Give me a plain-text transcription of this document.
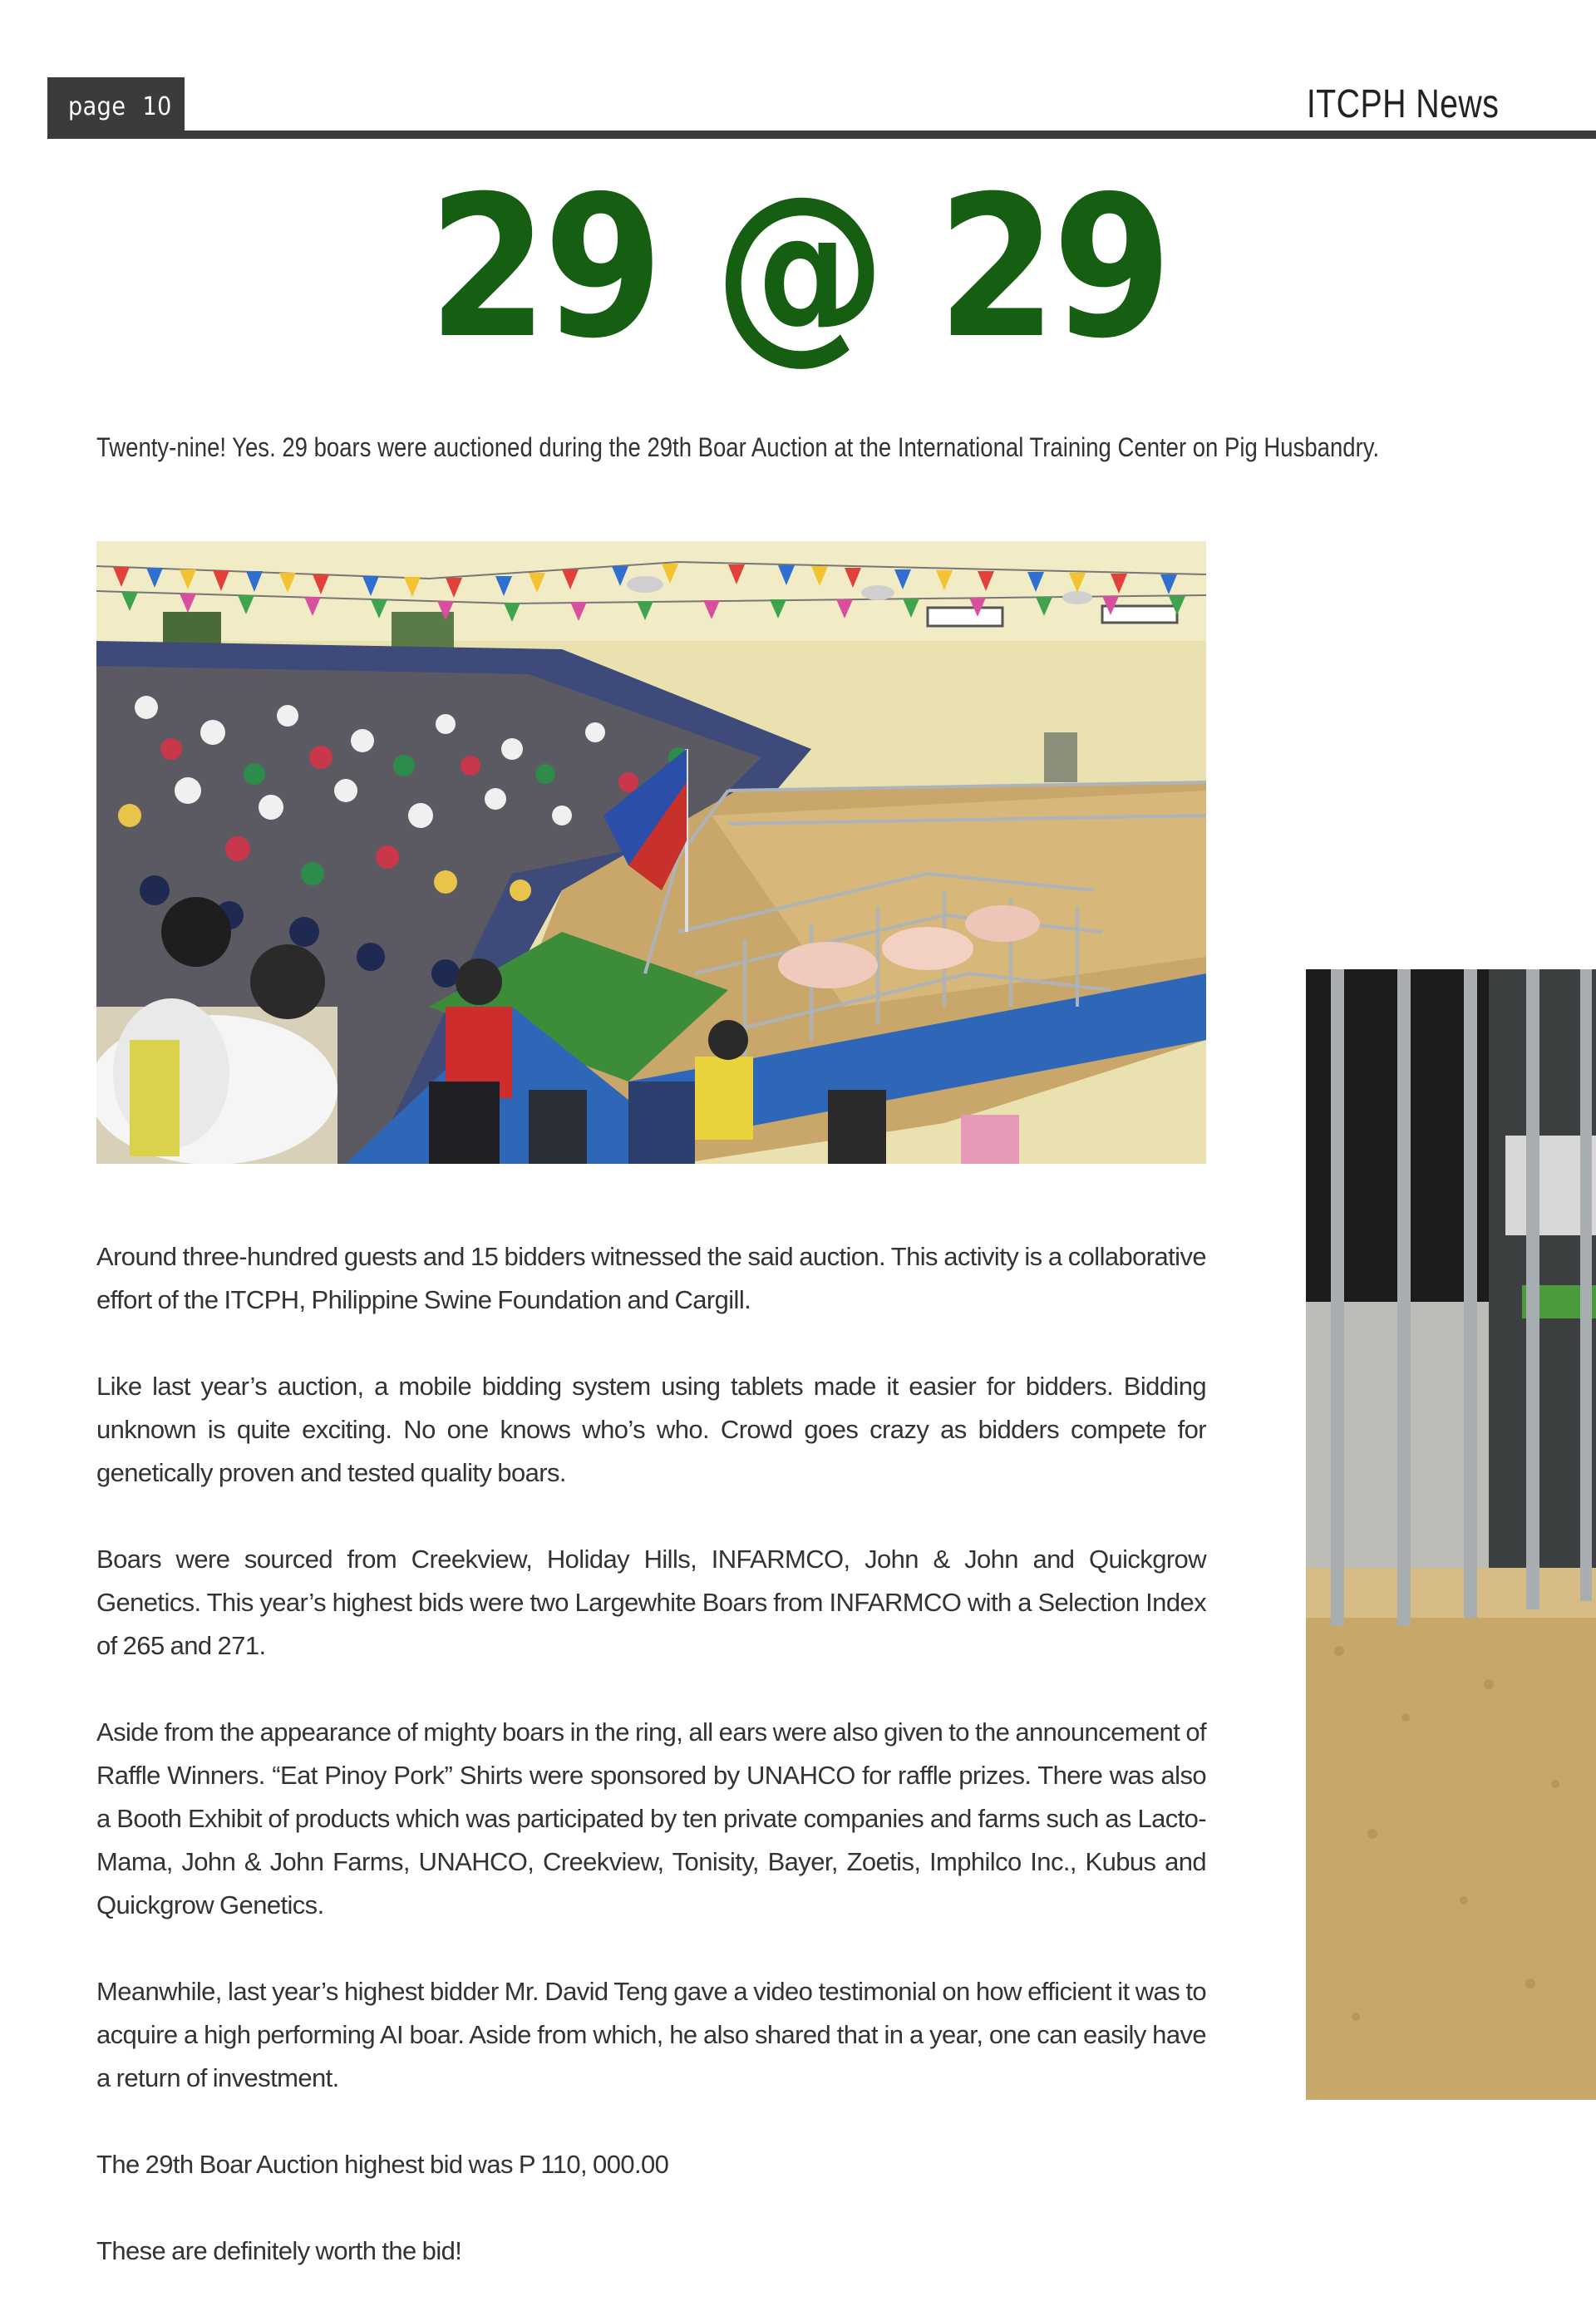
page 10	ITCPH News
29 @ 29
Twenty-nine! Yes. 29 boars were auctioned during the 29th Boar Auction at the International Training Center on Pig Husbandry.

Around three-hundred guests and 15 bidders witnessed the said auction. This activity is a collaborative effort of the ITCPH, Philippine Swine Foundation and Cargill.

Like last year’s auction, a mobile bidding system using tablets made it easier for bidders. Bidding unknown is quite exciting. No one knows who’s who. Crowd goes crazy as bidders compete for genetically proven and tested quality boars.

Boars were sourced from Creekview, Holiday Hills, INFARMCO, John & John and Quickgrow Genetics. This year’s highest bids were two Largewhite Boars from INFARMCO with a Selection Index of 265 and 271.

Aside from the appearance of mighty boars in the ring, all ears were also given to the announcement of Raffle Winners. “Eat Pinoy Pork” Shirts were sponsored by UNAHCO for raffle prizes. There was also a Booth Exhibit of products which was participated by ten private companies and farms such as Lacto-Mama, John & John Farms, UNAHCO, Creekview, Tonisity, Bayer, Zoetis, Imphilco Inc., Kubus and Quickgrow Genetics.

Meanwhile, last year’s highest bidder Mr. David Teng gave a video testimonial on how efficient it was to acquire a high performing AI boar. Aside from which, he also shared that in a year, one can easily have a return of investment.

The 29th Boar Auction highest bid was P 110, 000.00

These are definitely worth the bid!
